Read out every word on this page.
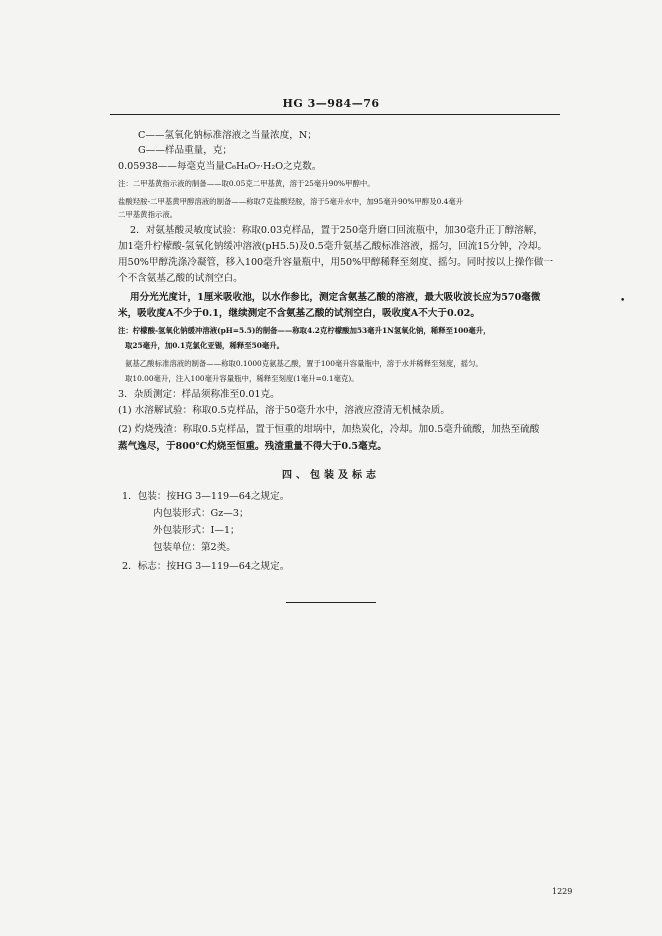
HG 3—984—76
C——氢氧化钠标准溶液之当量浓度，N；
G——样品重量，克；
0.05938——每毫克当量C₆H₈O₇·H₂O之克数。
注：二甲基黄指示液的制备——取0.05克二甲基黄，溶于25毫升90%甲醇中。
盐酸羟胺-二甲基黄甲醇溶液的制备——称取7克盐酸羟胺，溶于5毫升水中，加95毫升90%甲醇及0.4毫升
二甲基黄指示液。
2．对氨基酸灵敏度试验：称取0.03克样品，置于250毫升磨口回流瓶中，加30毫升正丁醇溶解，
加1毫升柠檬酸-氢氧化钠缓冲溶液(pH5.5)及0.5毫升氨基乙酸标准溶液，摇匀，回流15分钟，冷却。
用50%甲醇洗涤冷凝管，移入100毫升容量瓶中，用50%甲醇稀释至刻度、摇匀。同时按以上操作做一
个不含氨基乙酸的试剂空白。
用分光光度计，1厘米吸收池，以水作参比，测定含氨基乙酸的溶液，最大吸收波长应为570毫微	•
米，吸收度A不少于0.1，继续测定不含氨基乙酸的试剂空白，吸收度A不大于0.02。
注：柠檬酸-氢氧化钠缓冲溶液(pH=5.5)的制备——称取4.2克柠檬酸加53毫升1N氢氧化钠，稀释至100毫升，
取25毫升，加0.1克氯化亚锡，稀释至50毫升。
氨基乙酸标准溶液的制备——称取0.1000克氨基乙酸，置于100毫升容量瓶中，溶于水并稀释至刻度，摇匀。
取10.00毫升，注入100毫升容量瓶中，稀释至刻度(1毫升=0.1毫克)。
3．杂质测定：样品须称准至0.01克。
(1) 水溶解试验：称取0.5克样品，溶于50毫升水中，溶液应澄清无机械杂质。
(2) 灼烧残渣：称取0.5克样品，置于恒重的坩埚中，加热炭化，冷却。加0.5毫升硫酸，加热至硫酸
蒸气逸尽，于800℃灼烧至恒重。残渣重量不得大于0.5毫克。
四、包装及标志
1．包装：按HG 3—119—64之规定。
内包装形式：Gz—3；
外包装形式：I—1；
包装单位：第2类。
2．标志：按HG 3—119—64之规定。
1229
